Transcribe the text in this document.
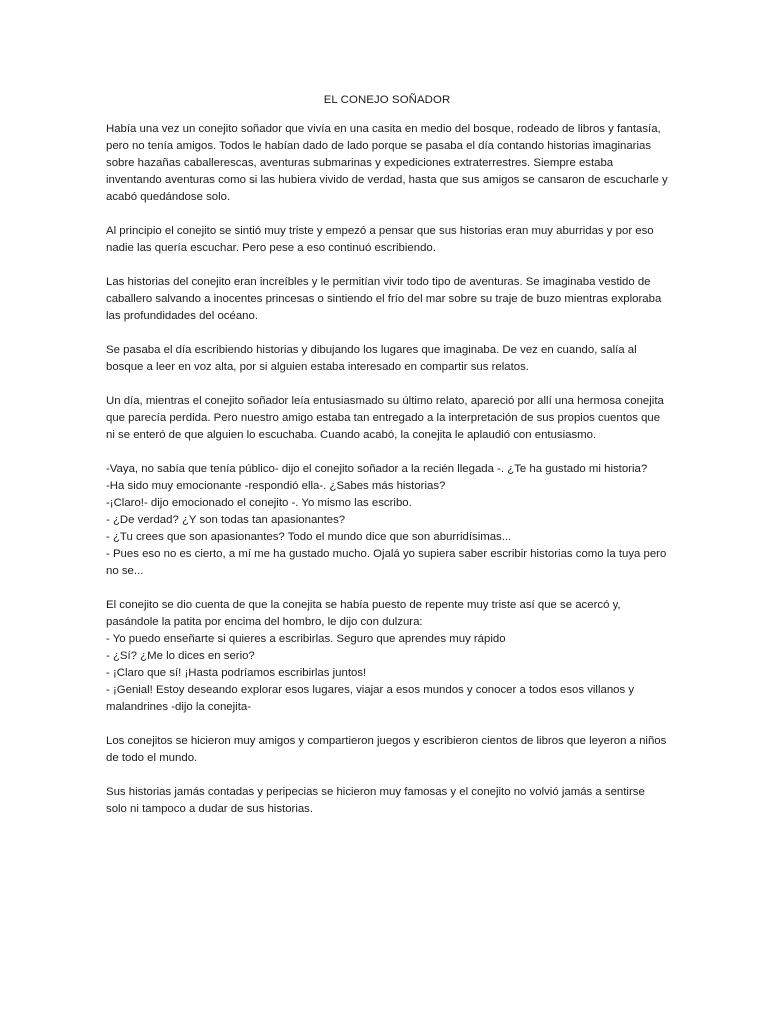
EL CONEJO SOÑADOR

Había una vez un conejito soñador que vivía en una casita en medio del bosque, rodeado de libros y fantasía, pero no tenía amigos. Todos le habían dado de lado porque se pasaba el día contando historias imaginarias sobre hazañas caballerescas, aventuras submarinas y expediciones extraterrestres. Siempre estaba inventando aventuras como si las hubiera vivido de verdad, hasta que sus amigos se cansaron de escucharle y acabó quedándose solo.

Al principio el conejito se sintió muy triste y empezó a pensar que sus historias eran muy aburridas y por eso nadie las quería escuchar. Pero pese a eso continuó escribiendo.

Las historias del conejito eran increíbles y le permitían vivir todo tipo de aventuras. Se imaginaba vestido de caballero salvando a inocentes princesas o sintiendo el frío del mar sobre su traje de buzo mientras exploraba las profundidades del océano.

Se pasaba el día escribiendo historias y dibujando los lugares que imaginaba. De vez en cuando, salía al bosque a leer en voz alta, por si alguien estaba interesado en compartir sus relatos.

Un día, mientras el conejito soñador leía entusiasmado su último relato, apareció por allí una hermosa conejita que parecía perdida. Pero nuestro amigo estaba tan entregado a la interpretación de sus propios cuentos que ni se enteró de que alguien lo escuchaba. Cuando acabó, la conejita le aplaudió con entusiasmo.

-Vaya, no sabía que tenía público- dijo el conejito soñador a la recién llegada -. ¿Te ha gustado mi historia?
-Ha sido muy emocionante -respondió ella-. ¿Sabes más historias?
-¡Claro!- dijo emocionado el conejito -. Yo mismo las escribo.
- ¿De verdad? ¿Y son todas tan apasionantes?
- ¿Tu crees que son apasionantes? Todo el mundo dice que son aburridísimas...
- Pues eso no es cierto, a mí me ha gustado mucho. Ojalá yo supiera saber escribir historias como la tuya pero no se...
El conejito se dio cuenta de que la conejita se había puesto de repente muy triste así que se acercó y, pasándole la patita por encima del hombro, le dijo con dulzura:
- Yo puedo enseñarte si quieres a escribirlas. Seguro que aprendes muy rápido
- ¿Sí? ¿Me lo dices en serio?
- ¡Claro que sí! ¡Hasta podríamos escribirlas juntos!
- ¡Genial! Estoy deseando explorar esos lugares, viajar a esos mundos y conocer a todos esos villanos y malandrines -dijo la conejita-

Los conejitos se hicieron muy amigos y compartieron juegos y escribieron cientos de libros que leyeron a niños de todo el mundo.

Sus historias jamás contadas y peripecias se hicieron muy famosas y el conejito no volvió jamás a sentirse solo ni tampoco a dudar de sus historias.
